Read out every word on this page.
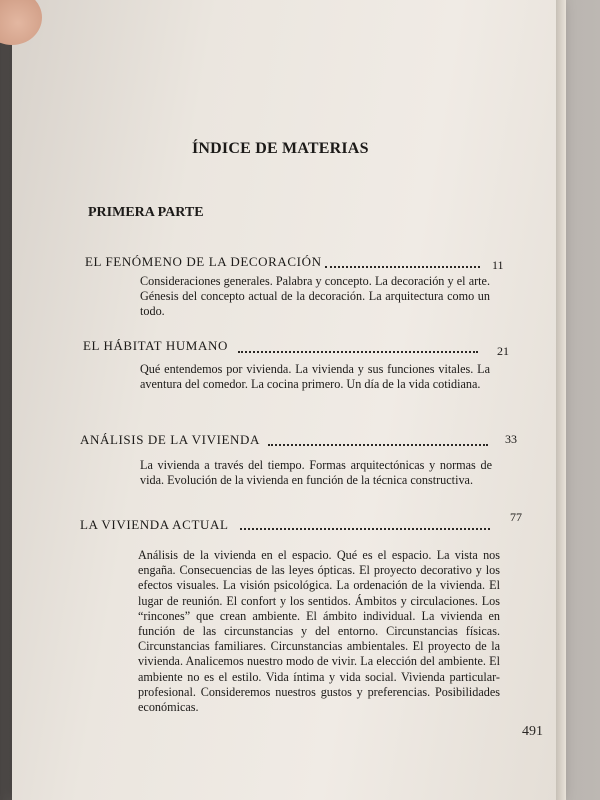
ÍNDICE DE MATERIAS
PRIMERA PARTE
EL FENÓMENO DE LA DECORACIÓN	11
Consideraciones generales. Palabra y concepto. La decoración y el arte. Génesis del concepto actual de la decoración. La arquitectura como un todo.
EL HÁBITAT HUMANO	21
Qué entendemos por vivienda. La vivienda y sus funciones vitales. La aventura del comedor. La cocina primero. Un día de la vida cotidiana.
ANÁLISIS DE LA VIVIENDA	33
La vivienda a través del tiempo. Formas arquitectónicas y normas de vida. Evolución de la vivienda en función de la técnica constructiva.
LA VIVIENDA ACTUAL	77
Análisis de la vivienda en el espacio. Qué es el espacio. La vista nos engaña. Consecuencias de las leyes ópticas. El proyecto decorativo y los efectos visuales. La visión psicológica. La ordenación de la vivienda. El lugar de reunión. El confort y los sentidos. Ámbitos y circulaciones. Los “rincones” que crean ambiente. El ámbito individual. La vivienda en función de las circunstancias y del entorno. Circunstancias físicas. Circunstancias familiares. Circunstancias ambientales. El proyecto de la vivienda. Analicemos nuestro modo de vivir. La elección del ambiente. El ambiente no es el estilo. Vida íntima y vida social. Vivienda particular-profesional. Consideremos nuestros gustos y preferencias. Posibilidades económicas.
491
